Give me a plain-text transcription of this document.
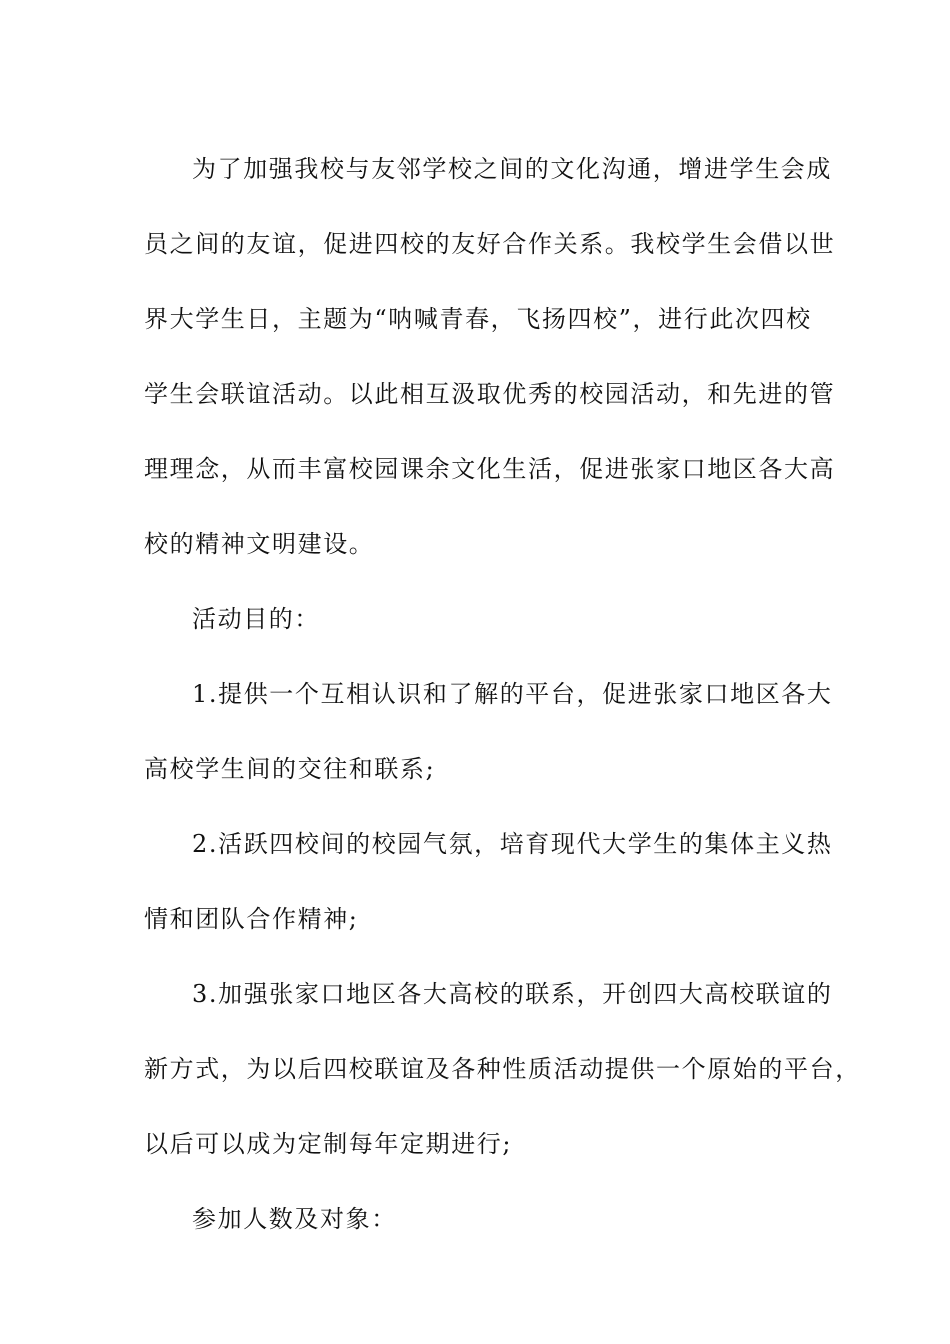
为了加强我校与友邻学校之间的文化沟通，增进学生会成
员之间的友谊，促进四校的友好合作关系。我校学生会借以世
界大学生日，主题为“呐喊青春，飞扬四校”，进行此次四校
学生会联谊活动。以此相互汲取优秀的校园活动，和先进的管
理理念，从而丰富校园课余文化生活，促进张家口地区各大高
校的精神文明建设。
活动目的：
1.提供一个互相认识和了解的平台，促进张家口地区各大
高校学生间的交往和联系;
2.活跃四校间的校园气氛，培育现代大学生的集体主义热
情和团队合作精神;
3.加强张家口地区各大高校的联系，开创四大高校联谊的
新方式，为以后四校联谊及各种性质活动提供一个原始的平台，
以后可以成为定制每年定期进行;
参加人数及对象：
